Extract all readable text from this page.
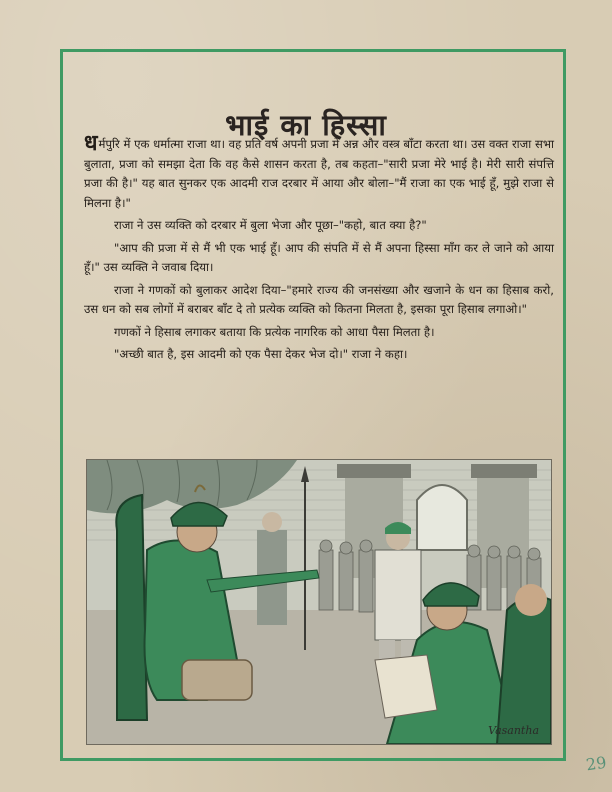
भाई का हिस्सा

धर्मपुरि में एक धर्मात्मा राजा था। वह प्रति वर्ष अपनी प्रजा में अन्न और वस्त्र बाँटा करता था। उस वक्त राजा सभा बुलाता, प्रजा को समझा देता कि वह कैसे शासन करता है, तब कहता–"सारी प्रजा मेरे भाई है। मेरी सारी संपत्ति प्रजा की है।" यह बात सुनकर एक आदमी राज दरबार में आया और बोला–"मैं राजा का एक भाई हूँ, मुझे राजा से मिलना है।"

राजा ने उस व्यक्ति को दरबार में बुला भेजा और पूछा–"कहो, बात क्या है?"

"आप की प्रजा में से मैं भी एक भाई हूँ। आप की संपति में से मैं अपना हिस्सा माँग कर ले जाने को आया हूँ।" उस व्यक्ति ने जवाब दिया।

राजा ने गणकों को बुलाकर आदेश दिया–"हमारे राज्य की जनसंख्या और खजाने के धन का हिसाब करो, उस धन को सब लोगों में बराबर बाँट दे तो प्रत्येक व्यक्ति को कितना मिलता है, इसका पूरा हिसाब लगाओ।"

गणकों ने हिसाब लगाकर बताया कि प्रत्येक नागरिक को आधा पैसा मिलता है।

"अच्छी बात है, इस आदमी को एक पैसा देकर भेज दो।" राजा ने कहा।

Vasantha
29
